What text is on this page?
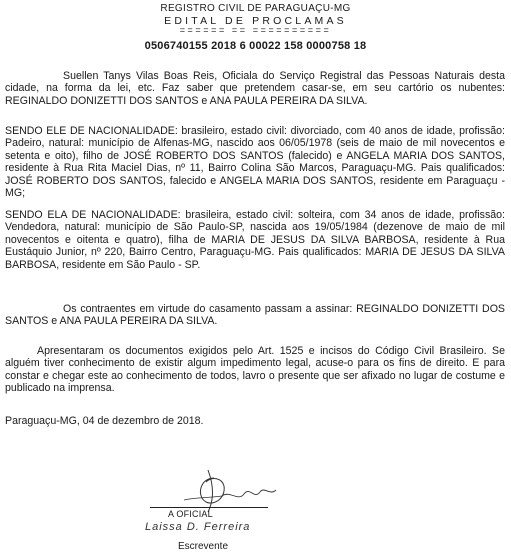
REGISTRO CIVIL DE PARAGUAÇU-MG
EDITAL DE PROCLAMAS
====== == ==========
0506740155 2018 6 00022 158 0000758 18

Suellen Tanys Vilas Boas Reis, Oficiala do Serviço Registral das Pessoas Naturais desta cidade, na forma da lei, etc. Faz saber que pretendem casar-se, em seu cartório os nubentes: REGINALDO DONIZETTI DOS SANTOS e ANA PAULA PEREIRA DA SILVA.

SENDO ELE DE NACIONALIDADE: brasileiro, estado civil: divorciado, com 40 anos de idade, profissão: Padeiro, natural: município de Alfenas-MG, nascido aos 06/05/1978 (seis de maio de mil novecentos e setenta e oito), filho de JOSÉ ROBERTO DOS SANTOS (falecido) e ANGELA MARIA DOS SANTOS, residente à Rua Rita Maciel Dias, nº 11, Bairro Colina São Marcos, Paraguaçu-MG. Pais qualificados: JOSÉ ROBERTO DOS SANTOS, falecido e ANGELA MARIA DOS SANTOS, residente em Paraguaçu - MG;

SENDO ELA DE NACIONALIDADE: brasileira, estado civil: solteira, com 34 anos de idade, profissão: Vendedora, natural: município de São Paulo-SP, nascida aos 19/05/1984 (dezenove de maio de mil novecentos e oitenta e quatro), filha de MARIA DE JESUS DA SILVA BARBOSA, residente à Rua Eustáquio Junior, nº 220, Bairro Centro, Paraguaçu-MG. Pais qualificados: MARIA DE JESUS DA SILVA BARBOSA, residente em São Paulo - SP.

Os contraentes em virtude do casamento passam a assinar: REGINALDO DONIZETTI DOS SANTOS e ANA PAULA PEREIRA DA SILVA.

Apresentaram os documentos exigidos pelo Art. 1525 e incisos do Código Civil Brasileiro. Se alguém tiver conhecimento de existir algum impedimento legal, acuse-o para os fins de direito. E para constar e chegar este ao conhecimento de todos, lavro o presente que ser afixado no lugar de costume e publicado na imprensa.

Paraguaçu-MG, 04 de dezembro de 2018.
A OFICIAL
Laissa D. Ferreira
Escrevente
